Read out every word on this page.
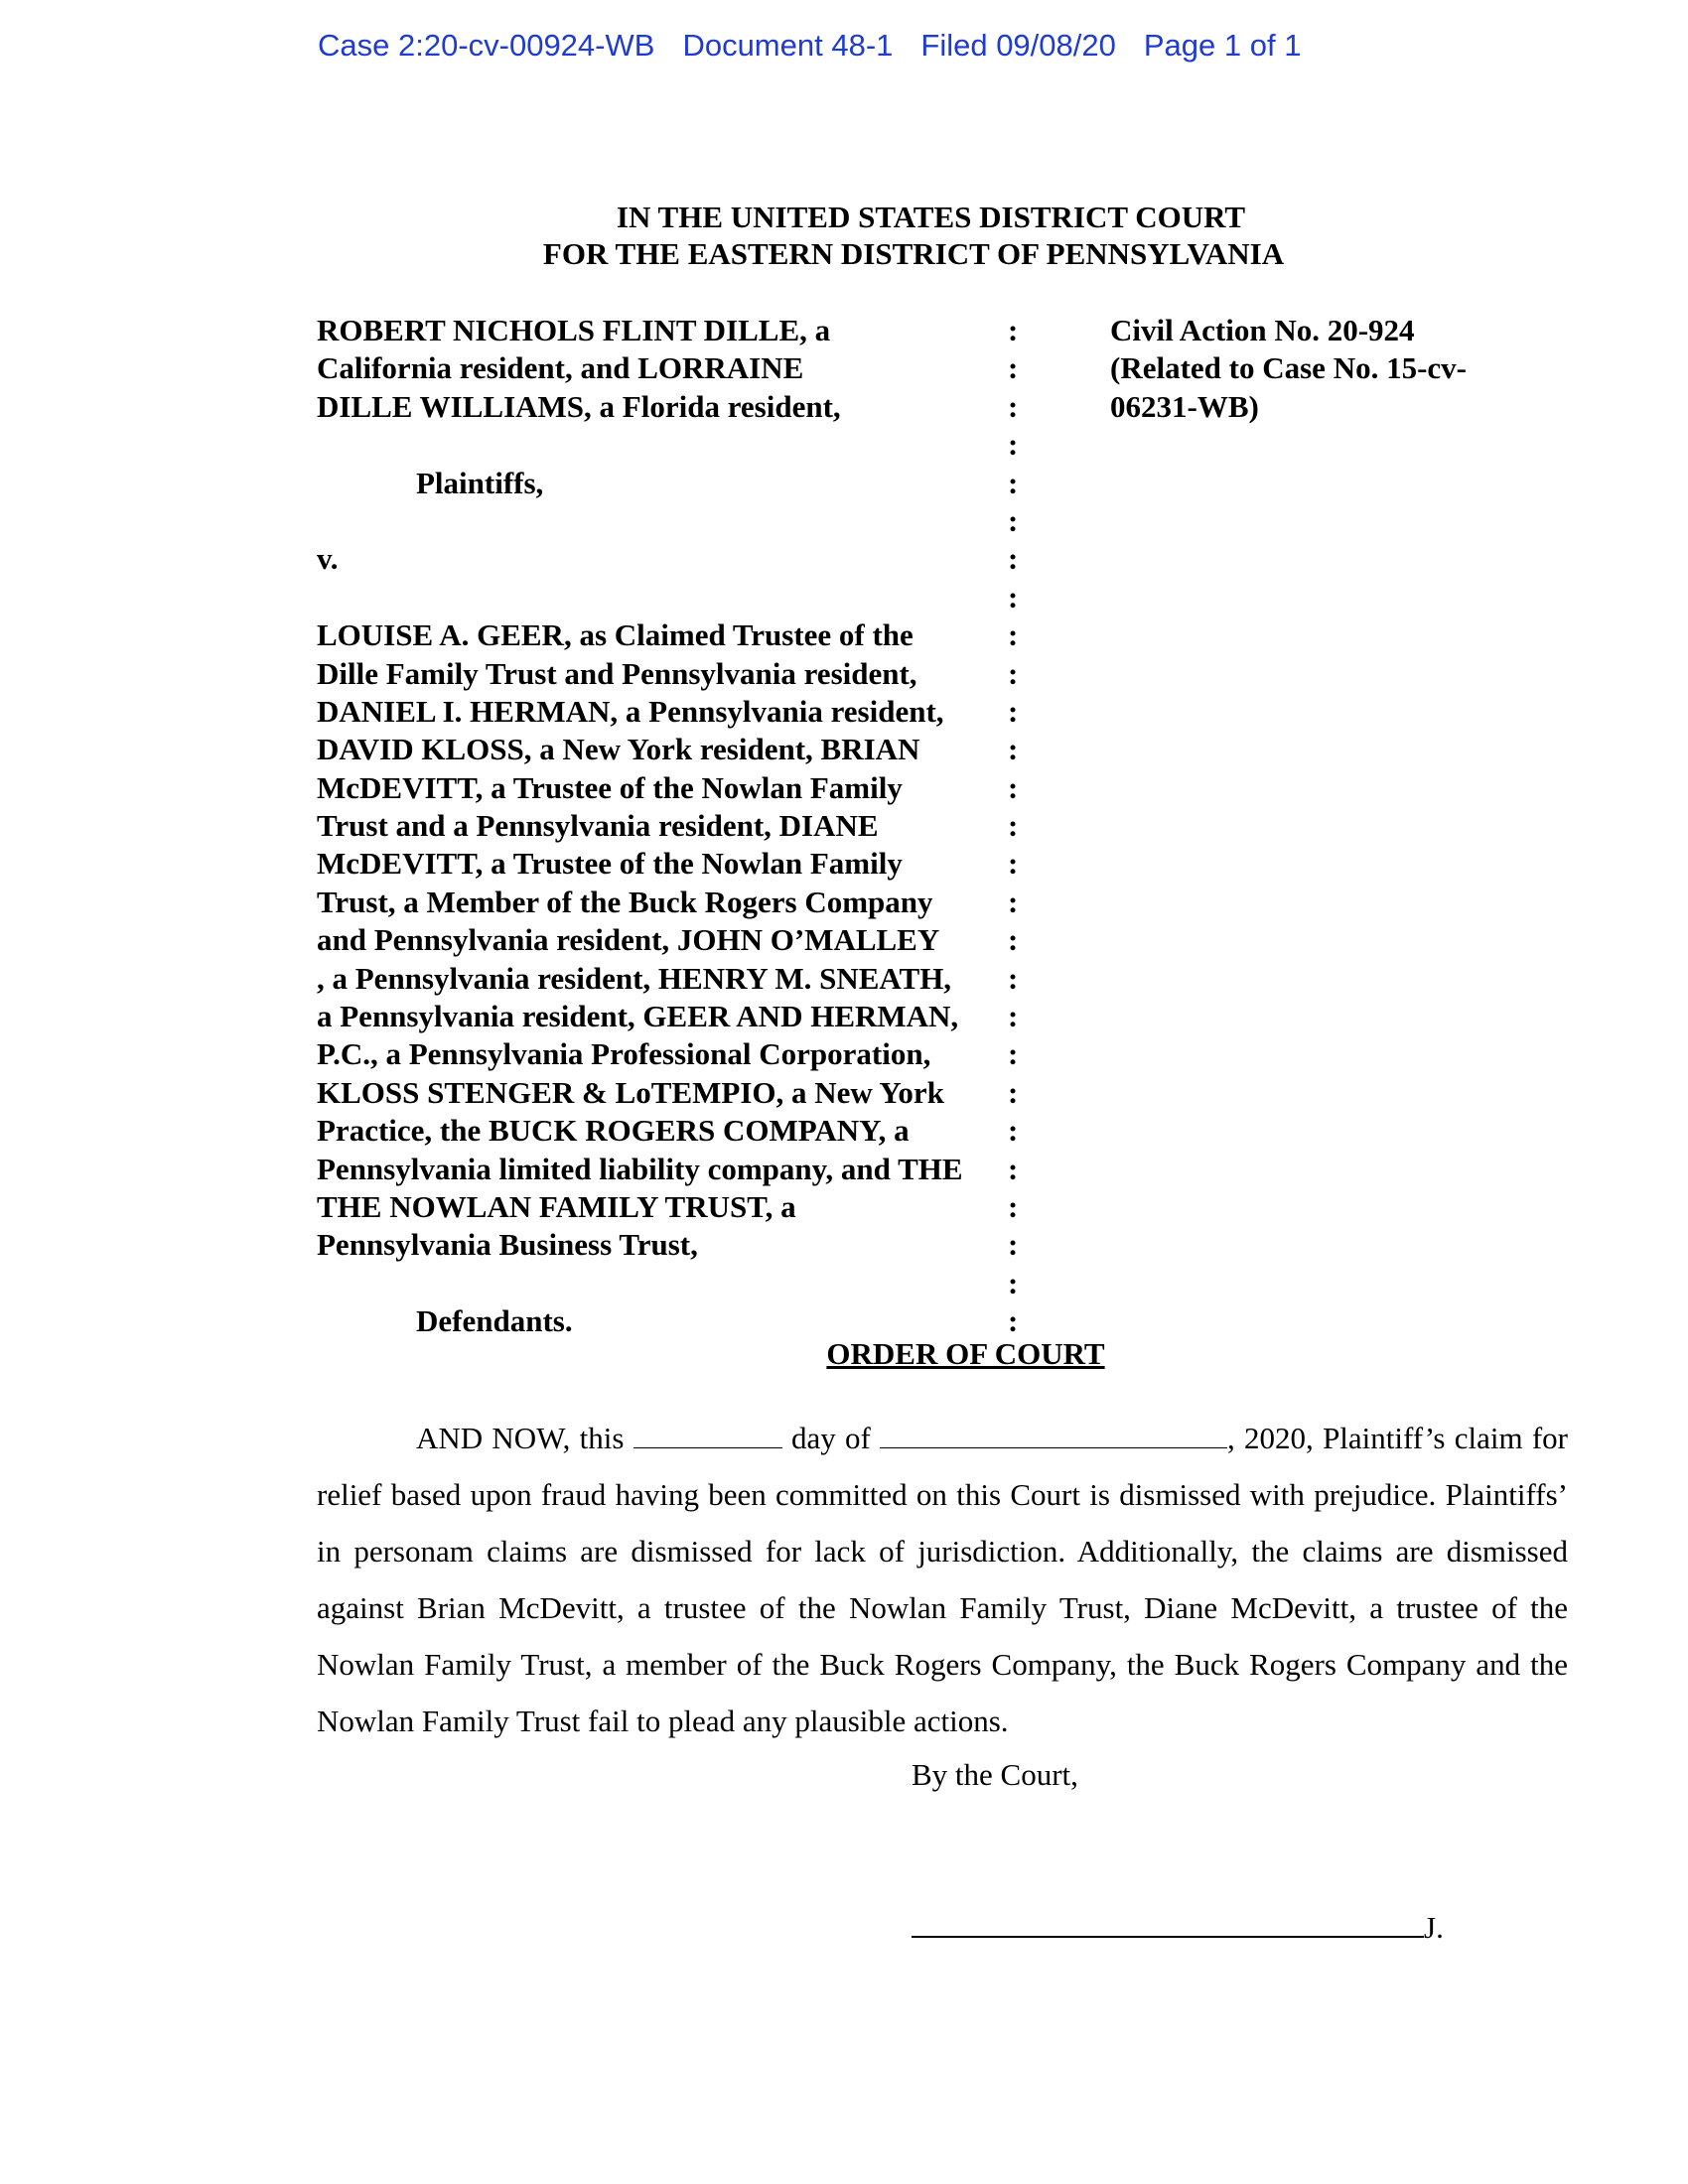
Case 2:20-cv-00924-WB Document 48-1 Filed 09/08/20 Page 1 of 1
IN THE UNITED STATES DISTRICT COURT
FOR THE EASTERN DISTRICT OF PENNSYLVANIA
ROBERT NICHOLS FLINT DILLE, a
California resident, and LORRAINE
DILLE WILLIAMS, a Florida resident,
Plaintiffs,
v.
LOUISE A. GEER, as Claimed Trustee of the
Dille Family Trust and Pennsylvania resident,
DANIEL I. HERMAN, a Pennsylvania resident,
DAVID KLOSS, a New York resident, BRIAN
McDEVITT, a Trustee of the Nowlan Family
Trust and a Pennsylvania resident, DIANE
McDEVITT, a Trustee of the Nowlan Family
Trust, a Member of the Buck Rogers Company
and Pennsylvania resident, JOHN O’MALLEY
, a Pennsylvania resident, HENRY M. SNEATH,
a Pennsylvania resident, GEER AND HERMAN,
P.C., a Pennsylvania Professional Corporation,
KLOSS STENGER & LoTEMPIO, a New York
Practice, the BUCK ROGERS COMPANY, a
Pennsylvania limited liability company, and THE
THE NOWLAN FAMILY TRUST, a
Pennsylvania Business Trust,
Defendants.
:
:
:
:
:
:
:
:
:
:
:
:
:
:
:
:
:
:
:
:
:
:
:
:
:
:
:
Civil Action No. 20-924
(Related to Case No. 15-cv-
06231-WB)
ORDER OF COURT

AND NOW, this	day of	, 2020, Plaintiff’s claim for relief based upon fraud having been committed on this Court is dismissed with prejudice. Plaintiffs’ in personam claims are dismissed for lack of jurisdiction. Additionally, the claims are dismissed against Brian McDevitt, a trustee of the Nowlan Family Trust, Diane McDevitt, a trustee of the Nowlan Family Trust, a member of the Buck Rogers Company, the Buck Rogers Company and the Nowlan Family Trust fail to plead any plausible actions.

By the Court,
J.
